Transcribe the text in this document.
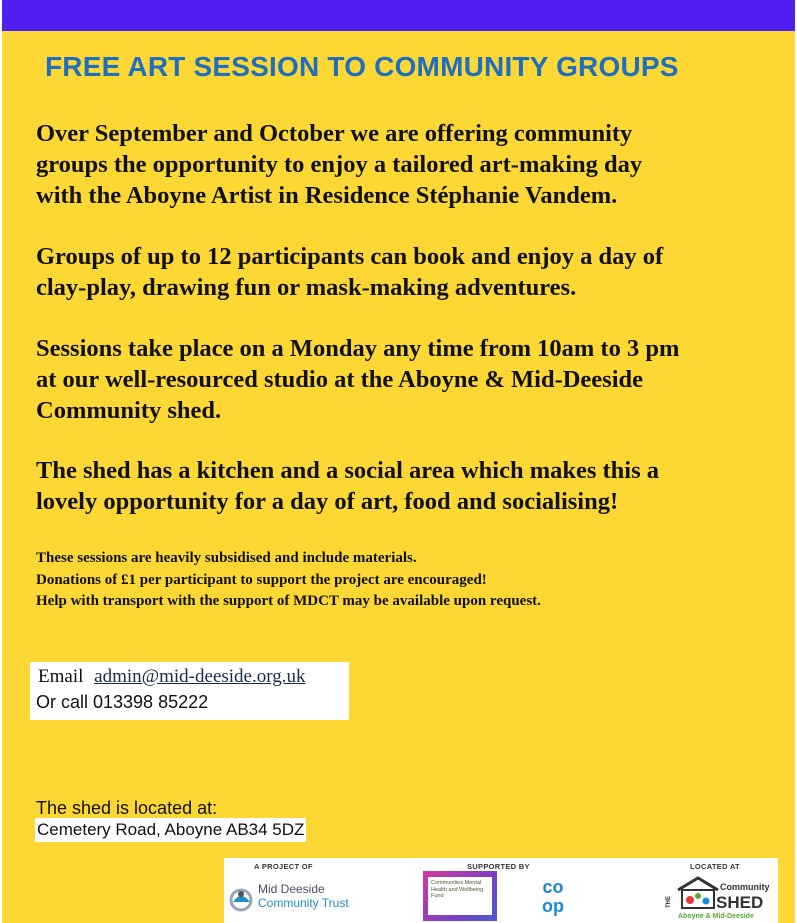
FREE ART SESSION TO COMMUNITY GROUPS
Over September and October we are offering community
groups the opportunity to enjoy a tailored art-making day
with the Aboyne Artist in Residence Stéphanie Vandem.
Groups of up to 12 participants can book and enjoy a day of
clay-play, drawing fun or mask-making adventures.
Sessions take place on a Monday any time from 10am to 3 pm
at our well-resourced studio at the Aboyne & Mid-Deeside
Community shed.
The shed has a kitchen and a social area which makes this a
lovely opportunity for a day of art, food and socialising!
These sessions are heavily subsidised and include materials.
Donations of £1 per participant to support the project are encouraged!
Help with transport with the support of MDCT may be available upon request.
Email admin@mid-deeside.org.uk
Or call 013398 85222
The shed is located at:
Cemetery Road, Aboyne AB34 5DZ
A PROJECT OF	SUPPORTED BY	LOCATED AT
Mid Deeside
Community Trust
Communities Mental Health and Wellbeing Fund	co
op	THE
Community
SHED
Aboyne & Mid-Deeside
